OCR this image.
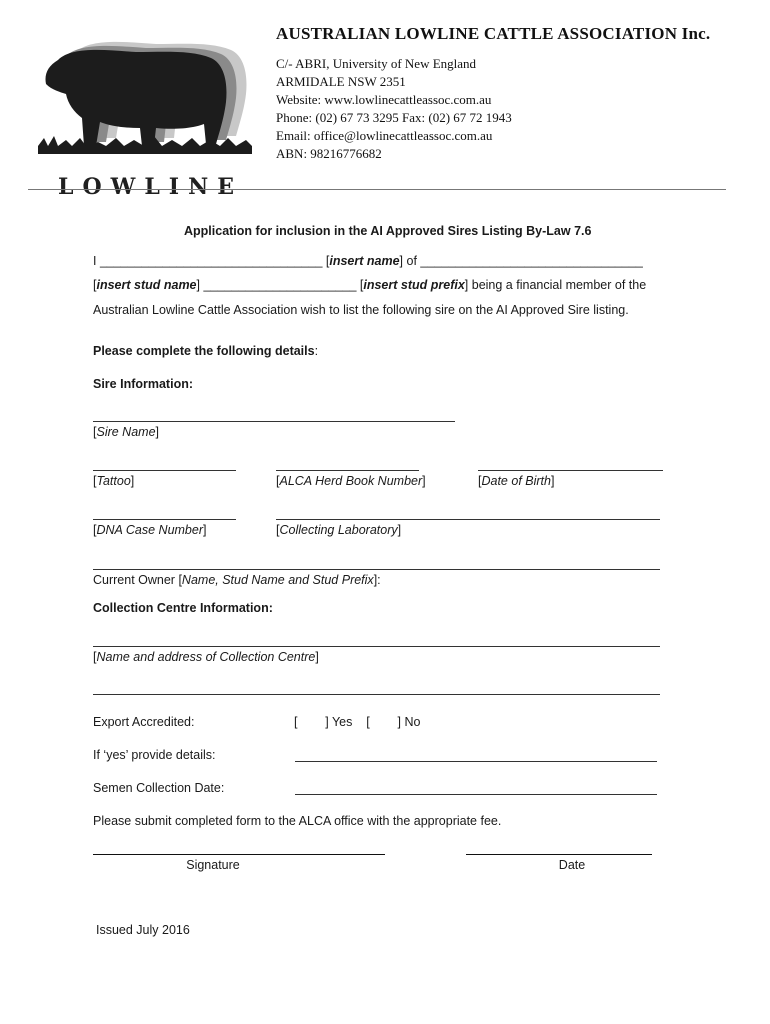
LOWLINE
AUSTRALIAN LOWLINE CATTLE ASSOCIATION Inc.
C/- ABRI, University of New England
ARMIDALE NSW 2351
Website: www.lowlinecattleassoc.com.au
Phone: (02) 67 73 3295 Fax: (02) 67 72 1943
Email: office@lowlinecattleassoc.com.au
ABN: 98216776682
Application for inclusion in the AI Approved Sires Listing By-Law 7.6
I ________________________________ [insert name] of ________________________________
[insert stud name] ______________________ [insert stud prefix] being a financial member of the
Australian Lowline Cattle Association wish to list the following sire on the AI Approved Sire listing.
Please complete the following details:
Sire Information:
[Sire Name]
[Tattoo]	[ALCA Herd Book Number]	[Date of Birth]
[DNA Case Number]	[Collecting Laboratory]
Current Owner [Name, Stud Name and Stud Prefix]:
Collection Centre Information:
[Name and address of Collection Centre]
Export Accredited:	[        ] Yes    [        ] No
If ‘yes’ provide details:
Semen Collection Date:
Please submit completed form to the ALCA office with the appropriate fee.
Signature	Date
Issued July 2016
